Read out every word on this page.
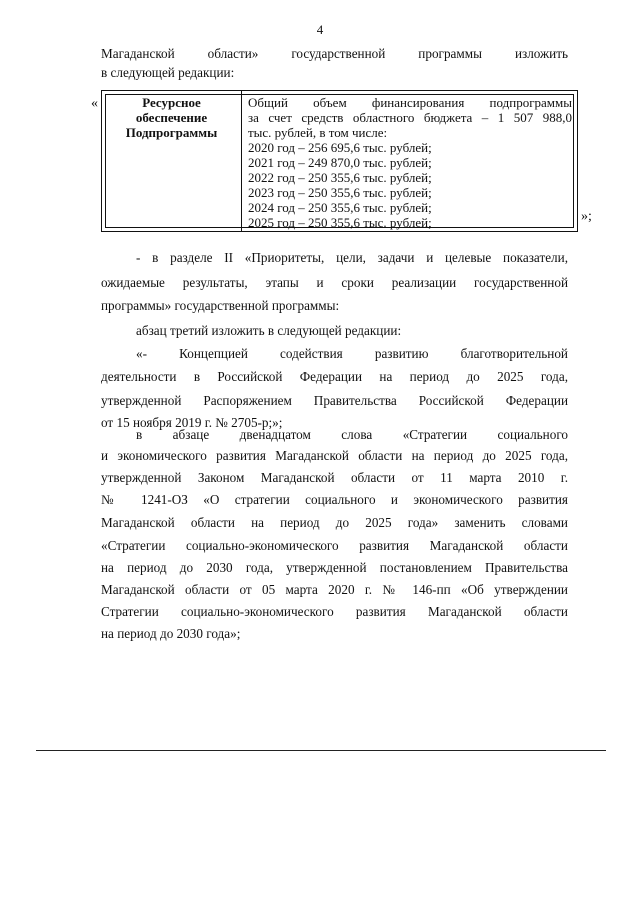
4
Магаданской области» государственной программы изложить
в следующей редакции:
«	Ресурсное
обеспечение
Подпрограммы
Общий объем финансирования подпрограммы
за счет средств областного бюджета – 1 507 988,0
тыс. рублей, в том числе:
2020 год – 256 695,6 тыс. рублей;
2021 год – 249 870,0 тыс. рублей;
2022 год – 250 355,6 тыс. рублей;
2023 год – 250 355,6 тыс. рублей;
2024 год – 250 355,6 тыс. рублей;
2025 год – 250 355,6 тыс. рублей;	»;
- в разделе II «Приоритеты, цели, задачи и целевые показатели,
ожидаемые результаты, этапы и сроки реализации государственной
программы» государственной программы:
абзац третий изложить в следующей редакции:
«- Концепцией содействия развитию благотворительной
деятельности в Российской Федерации на период до 2025 года,
утвержденной Распоряжением Правительства Российской Федерации
от 15 ноября 2019 г. № 2705-р;»;
в абзаце двенадцатом слова «Стратегии социального
и экономического развития Магаданской области на период до 2025 года,
утвержденной Законом Магаданской области от 11 марта 2010 г.
№ 1241-ОЗ «О стратегии социального и экономического развития
Магаданской области на период до 2025 года» заменить словами
«Стратегии социально-экономического развития Магаданской области
на период до 2030 года, утвержденной постановлением Правительства
Магаданской области от 05 марта 2020 г. № 146-пп «Об утверждении
Стратегии социально-экономического развития Магаданской области
на период до 2030 года»;
